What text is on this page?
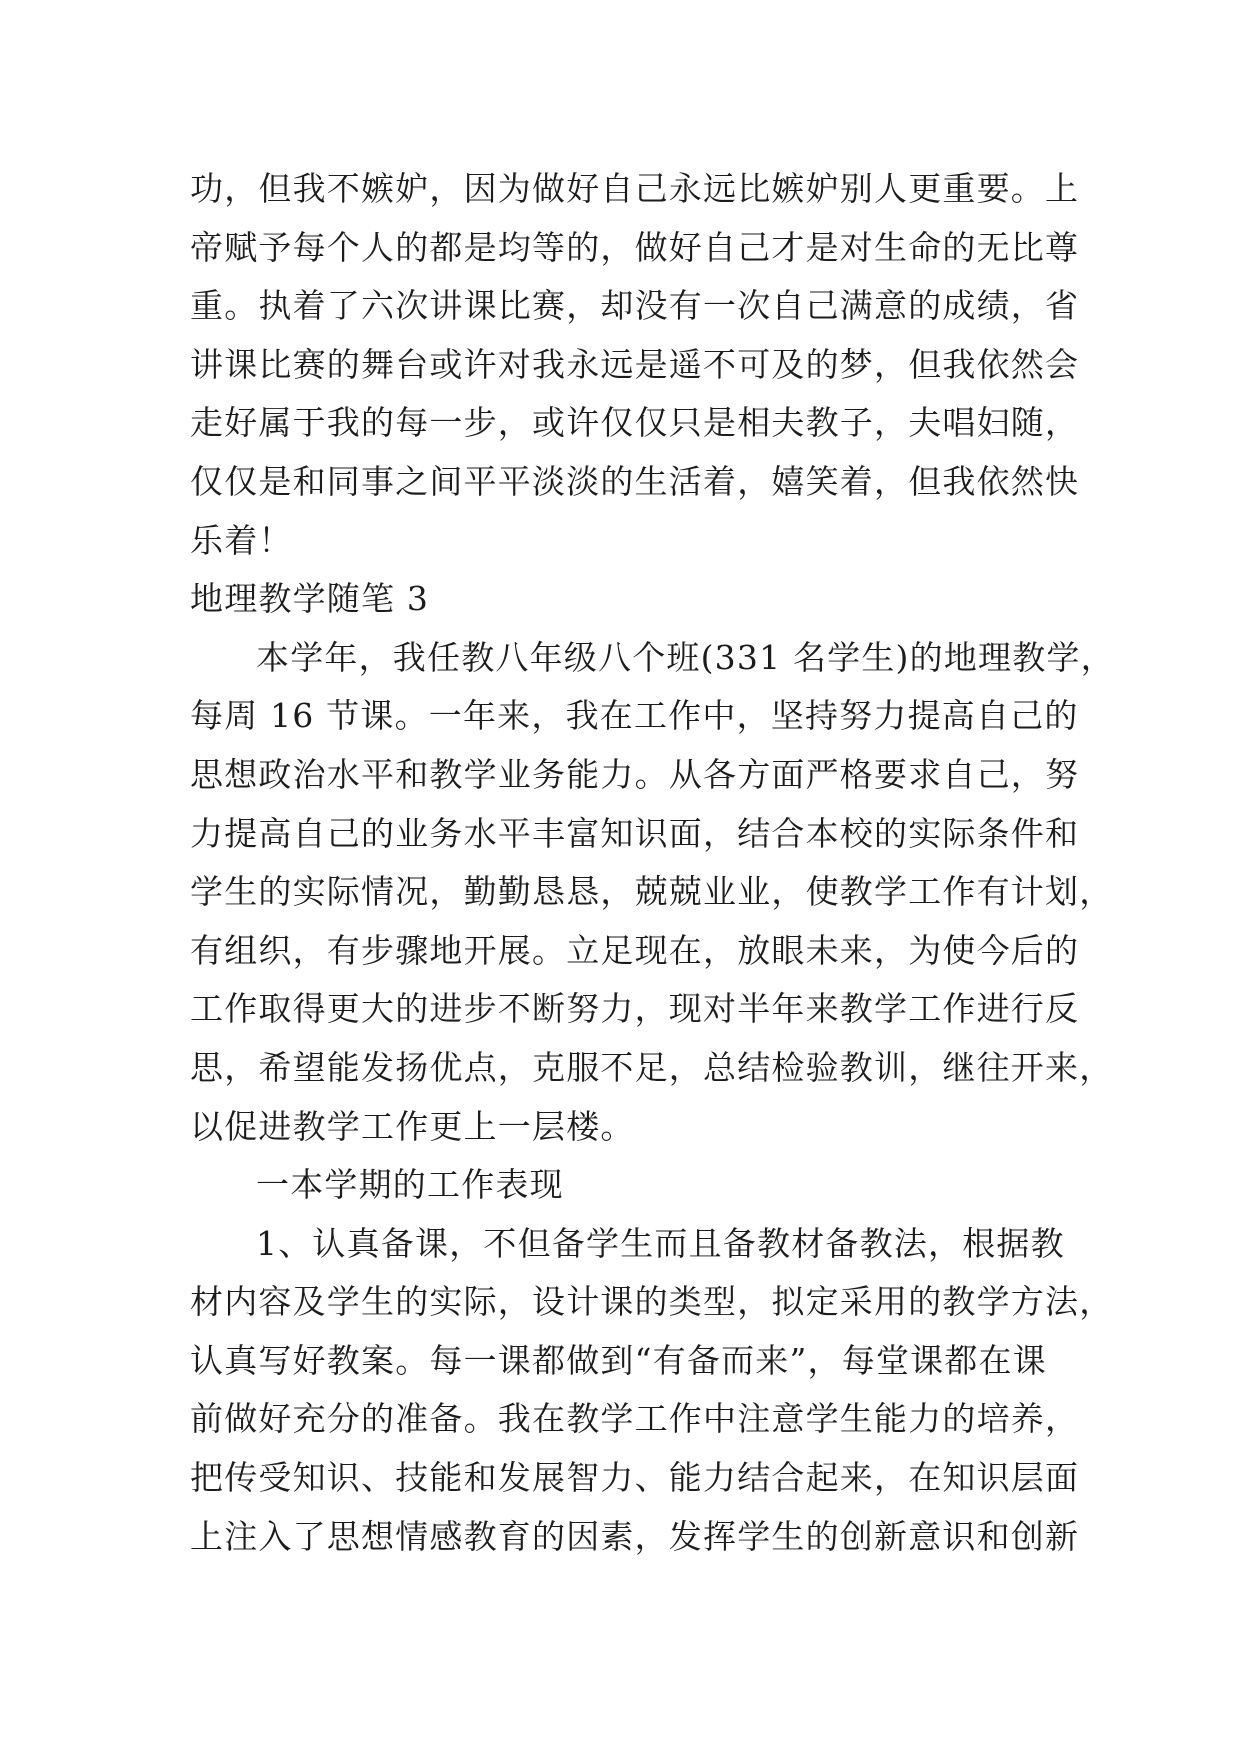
功，但我不嫉妒，因为做好自己永远比嫉妒别人更重要。上
帝赋予每个人的都是均等的，做好自己才是对生命的无比尊
重。执着了六次讲课比赛，却没有一次自己满意的成绩，省
讲课比赛的舞台或许对我永远是遥不可及的梦，但我依然会
走好属于我的每一步，或许仅仅只是相夫教子，夫唱妇随，
仅仅是和同事之间平平淡淡的生活着，嬉笑着，但我依然快
乐着！
地理教学随笔 3
本学年，我任教八年级八个班(331 名学生)的地理教学，
每周 16 节课。一年来，我在工作中，坚持努力提高自己的
思想政治水平和教学业务能力。从各方面严格要求自己，努
力提高自己的业务水平丰富知识面，结合本校的实际条件和
学生的实际情况，勤勤恳恳，兢兢业业，使教学工作有计划，
有组织，有步骤地开展。立足现在，放眼未来，为使今后的
工作取得更大的进步不断努力，现对半年来教学工作进行反
思，希望能发扬优点，克服不足，总结检验教训，继往开来，
以促进教学工作更上一层楼。
一本学期的工作表现
1、认真备课，不但备学生而且备教材备教法，根据教
材内容及学生的实际，设计课的类型，拟定采用的教学方法，
认真写好教案。每一课都做到“有备而来”，每堂课都在课
前做好充分的准备。我在教学工作中注意学生能力的培养，
把传受知识、技能和发展智力、能力结合起来，在知识层面
上注入了思想情感教育的因素，发挥学生的创新意识和创新
